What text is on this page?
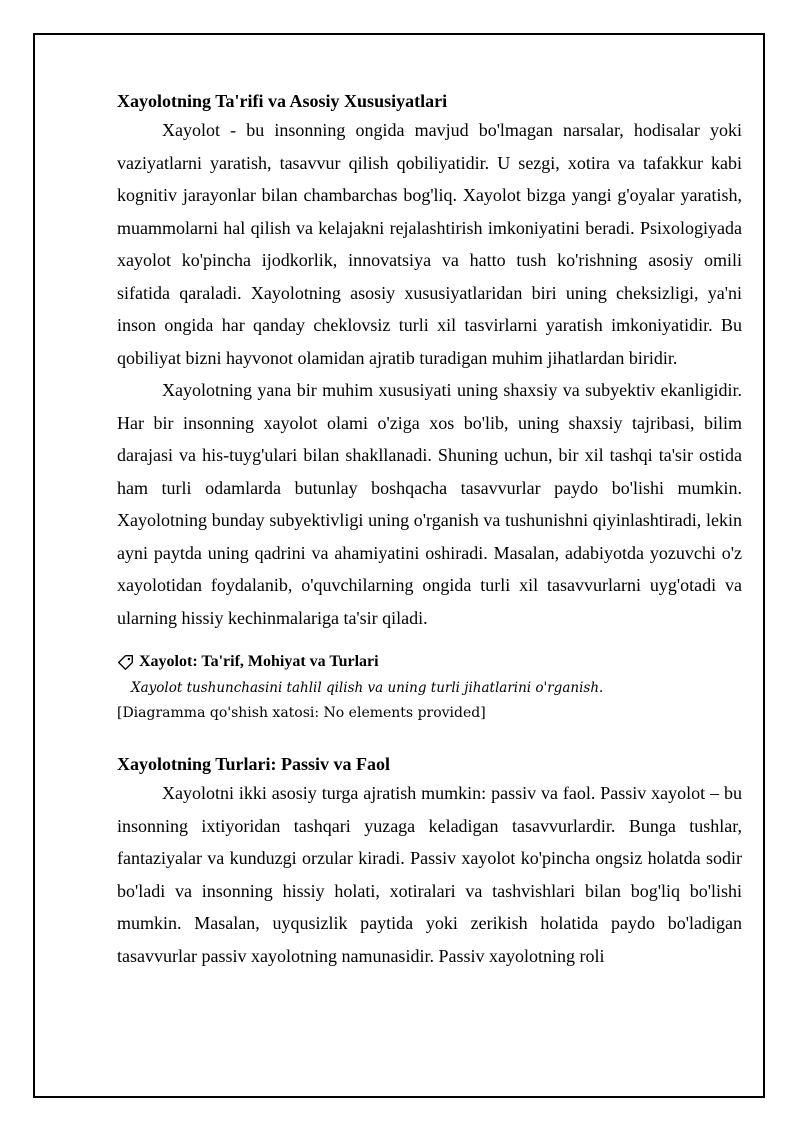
Xayolotning Ta'rifi va Asosiy Xususiyatlari

Xayolot - bu insonning ongida mavjud bo'lmagan narsalar, hodisalar yoki vaziyatlarni yaratish, tasavvur qilish qobiliyatidir. U sezgi, xotira va tafakkur kabi kognitiv jarayonlar bilan chambarchas bog'liq. Xayolot bizga yangi g'oyalar yaratish, muammolarni hal qilish va kelajakni rejalashtirish imkoniyatini beradi. Psixologiyada xayolot ko'pincha ijodkorlik, innovatsiya va hatto tush ko'rishning asosiy omili sifatida qaraladi. Xayolotning asosiy xususiyatlaridan biri uning cheksizligi, ya'ni inson ongida har qanday cheklovsiz turli xil tasvirlarni yaratish imkoniyatidir. Bu qobiliyat bizni hayvonot olamidan ajratib turadigan muhim jihatlardan biridir.

Xayolotning yana bir muhim xususiyati uning shaxsiy va subyektiv ekanligidir. Har bir insonning xayolot olami o'ziga xos bo'lib, uning shaxsiy tajribasi, bilim darajasi va his-tuyg'ulari bilan shakllanadi. Shuning uchun, bir xil tashqi ta'sir ostida ham turli odamlarda butunlay boshqacha tasavvurlar paydo bo'lishi mumkin. Xayolotning bunday subyektivligi uning o'rganish va tushunishni qiyinlashtiradi, lekin ayni paytda uning qadrini va ahamiyatini oshiradi. Masalan, adabiyotda yozuvchi o'z xayolotidan foydalanib, o'quvchilarning ongida turli xil tasavvurlarni uyg'otadi va ularning hissiy kechinmalariga ta'sir qiladi.

Xayolot: Ta'rif, Mohiyat va Turlari
Xayolot tushunchasini tahlil qilish va uning turli jihatlarini o'rganish.
[Diagramma qo'shish xatosi: No elements provided]
Xayolotning Turlari: Passiv va Faol

Xayolotni ikki asosiy turga ajratish mumkin: passiv va faol. Passiv xayolot – bu insonning ixtiyoridan tashqari yuzaga keladigan tasavvurlardir. Bunga tushlar, fantaziyalar va kunduzgi orzular kiradi. Passiv xayolot ko'pincha ongsiz holatda sodir bo'ladi va insonning hissiy holati, xotiralari va tashvishlari bilan bog'liq bo'lishi mumkin. Masalan, uyqusizlik paytida yoki zerikish holatida paydo bo'ladigan tasavvurlar passiv xayolotning namunasidir. Passiv xayolotning roli
